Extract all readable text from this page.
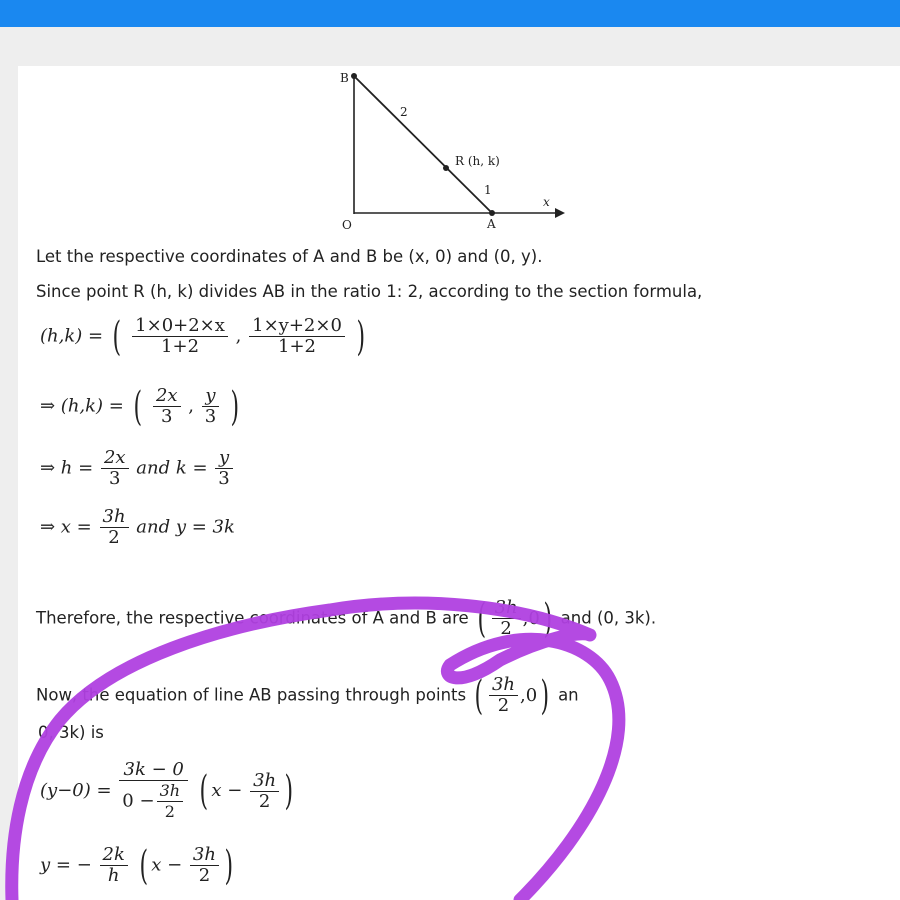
B
O	A
x
R (h, k)
2
1
Let the respective coordinates of A and B be (x, 0) and (0, y).
Since point R (h, k) divides AB in the ratio 1: 2, according to the section formula,
(h,k) = ( $\frac{1\times 0+2\times x}{1+2}$ , $\frac{1\times y+2\times 0}{1+2}$ )
⇒ (h,k) = ( $\frac{2x}{3}$ , $\frac{y}{3}$ )
⇒ $h = \frac{2x}{3}$ and $k = \frac{y}{3}$
⇒ $x = \frac{3h}{2}$ and y = 3k
Therefore, the respective coordinates of A and B are ( $\frac{3h}{2} ,0$) and (0, 3k).
Now, the equation of line AB passing through points ( $\frac{3h}{2} ,0$) an
0, 3k) is
$(y-0) = \frac{3k - 0}{0 - \frac{3h}{2}}$ ( $x - \frac{3h}{2}$ )
y = − $\frac{2k}{h}$ ( $x - \frac{3h}{2}$ )
